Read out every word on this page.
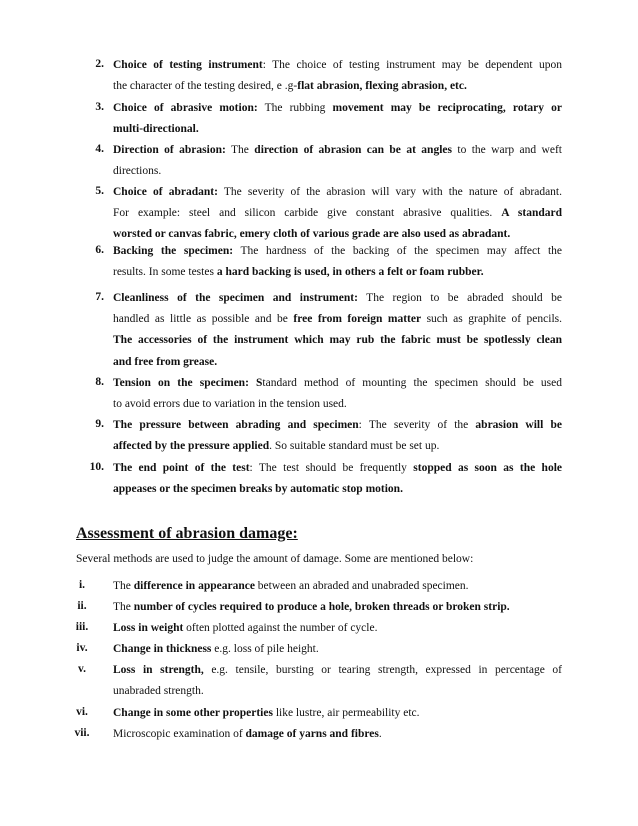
2. Choice of testing instrument: The choice of testing instrument may be dependent upon
the character of the testing desired, e .g-flat abrasion, flexing abrasion, etc.
3. Choice of abrasive motion: The rubbing movement may be reciprocating, rotary or
multi-directional.
4. Direction of abrasion: The direction of abrasion can be at angles to the warp and weft
directions.
5. Choice of abradant: The severity of the abrasion will vary with the nature of abradant.
For example: steel and silicon carbide give constant abrasive qualities. A standard
worsted or canvas fabric, emery cloth of various grade are also used as abradant.
6. Backing the specimen: The hardness of the backing of the specimen may affect the
results. In some testes a hard backing is used, in others a felt or foam rubber.
7. Cleanliness of the specimen and instrument: The region to be abraded should be
handled as little as possible and be free from foreign matter such as graphite of pencils.
The accessories of the instrument which may rub the fabric must be spotlessly clean
and free from grease.
8. Tension on the specimen: Standard method of mounting the specimen should be used
to avoid errors due to variation in the tension used.
9. The pressure between abrading and specimen: The severity of the abrasion will be
affected by the pressure applied. So suitable standard must be set up.
10. The end point of the test: The test should be frequently stopped as soon as the hole
appeases or the specimen breaks by automatic stop motion.
Assessment of abrasion damage:
Several methods are used to judge the amount of damage. Some are mentioned below:
i.	The difference in appearance between an abraded and unabraded specimen.
ii.	The number of cycles required to produce a hole, broken threads or broken strip.
iii.	Loss in weight often plotted against the number of cycle.
iv.	Change in thickness e.g. loss of pile height.
v.	Loss in strength, e.g. tensile, bursting or tearing strength, expressed in percentage of
unabraded strength.
vi.	Change in some other properties like lustre, air permeability etc.
vii.	Microscopic examination of damage of yarns and fibres.
